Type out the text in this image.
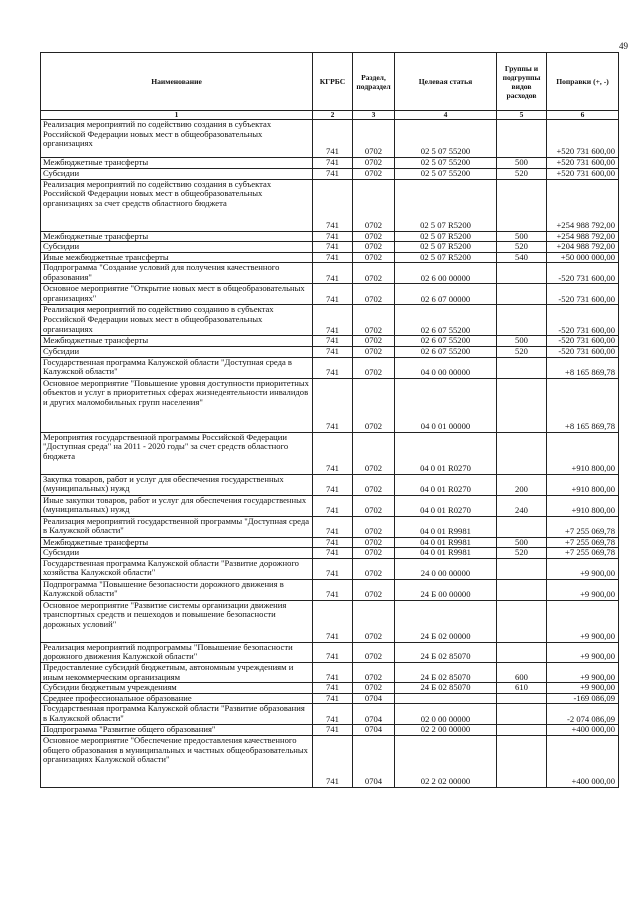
49
Наименование	КГРБС	Раздел, подраздел	Целевая статья	Группы и подгруппы видов расходов	Поправки (+, -)
1	2	3	4	5	6
Реализация мероприятий по содействию создания в субъектах Российской Федерации новых мест в общеобразовательных организациях	741	0702	02 5 07 55200		+520 731 600,00
Межбюджетные трансферты	741	0702	02 5 07 55200	500	+520 731 600,00
Субсидии	741	0702	02 5 07 55200	520	+520 731 600,00
Реализация мероприятий по содействию создания в субъектах Российской Федерации новых мест в общеобразовательных организациях за счет средств областного бюджета	741	0702	02 5 07 R5200		+254 988 792,00
Межбюджетные трансферты	741	0702	02 5 07 R5200	500	+254 988 792,00
Субсидии	741	0702	02 5 07 R5200	520	+204 988 792,00
Иные межбюджетные трансферты	741	0702	02 5 07 R5200	540	+50 000 000,00
Подпрограмма "Создание условий для получения качественного образования"	741	0702	02 6 00 00000		-520 731 600,00
Основное мероприятие "Открытие новых мест в общеобразовательных организациях"	741	0702	02 6 07 00000		-520 731 600,00
Реализация мероприятий по содействию созданию в субъектах Российской Федерации новых мест в общеобразовательных организациях	741	0702	02 6 07 55200		-520 731 600,00
Межбюджетные трансферты	741	0702	02 6 07 55200	500	-520 731 600,00
Субсидии	741	0702	02 6 07 55200	520	-520 731 600,00
Государственная программа Калужской области "Доступная среда в Калужской области"	741	0702	04 0 00 00000		+8 165 869,78
Основное мероприятие "Повышение уровня доступности приоритетных объектов и услуг в приоритетных сферах жизнедеятельности инвалидов и других маломобильных групп населения"	741	0702	04 0 01 00000		+8 165 869,78
Мероприятия государственной программы Российской Федерации "Доступная среда" на 2011 - 2020 годы" за счет средств областного бюджета	741	0702	04 0 01 R0270		+910 800,00
Закупка товаров, работ и услуг для обеспечения государственных (муниципальных) нужд	741	0702	04 0 01 R0270	200	+910 800,00
Иные закупки товаров, работ и услуг для обеспечения государственных (муниципальных) нужд	741	0702	04 0 01 R0270	240	+910 800,00
Реализация мероприятий государственной программы "Доступная среда в Калужской области"	741	0702	04 0 01 R9981		+7 255 069,78
Межбюджетные трансферты	741	0702	04 0 01 R9981	500	+7 255 069,78
Субсидии	741	0702	04 0 01 R9981	520	+7 255 069,78
Государственная программа Калужской области "Развитие дорожного хозяйства Калужской области"	741	0702	24 0 00 00000		+9 900,00
Подпрограмма "Повышение безопасности дорожного движения в Калужской области"	741	0702	24 Б 00 00000		+9 900,00
Основное мероприятие "Развитие системы организации движения транспортных средств и пешеходов и повышение безопасности дорожных условий"	741	0702	24 Б 02 00000		+9 900,00
Реализация мероприятий подпрограммы "Повышение безопасности дорожного движения Калужской области"	741	0702	24 Б 02 85070		+9 900,00
Предоставление субсидий бюджетным, автономным учреждениям и иным некоммерческим организациям	741	0702	24 Б 02 85070	600	+9 900,00
Субсидии бюджетным учреждениям	741	0702	24 Б 02 85070	610	+9 900,00
Среднее профессиональное образование	741	0704			-169 086,09
Государственная программа Калужской области "Развитие образования в Калужской области"	741	0704	02 0 00 00000		-2 074 086,09
Подпрограмма "Развитие общего образования"	741	0704	02 2 00 00000		+400 000,00
Основное мероприятие "Обеспечение предоставления качественного общего образования в муниципальных и частных общеобразовательных организациях Калужской области"	741	0704	02 2 02 00000		+400 000,00
